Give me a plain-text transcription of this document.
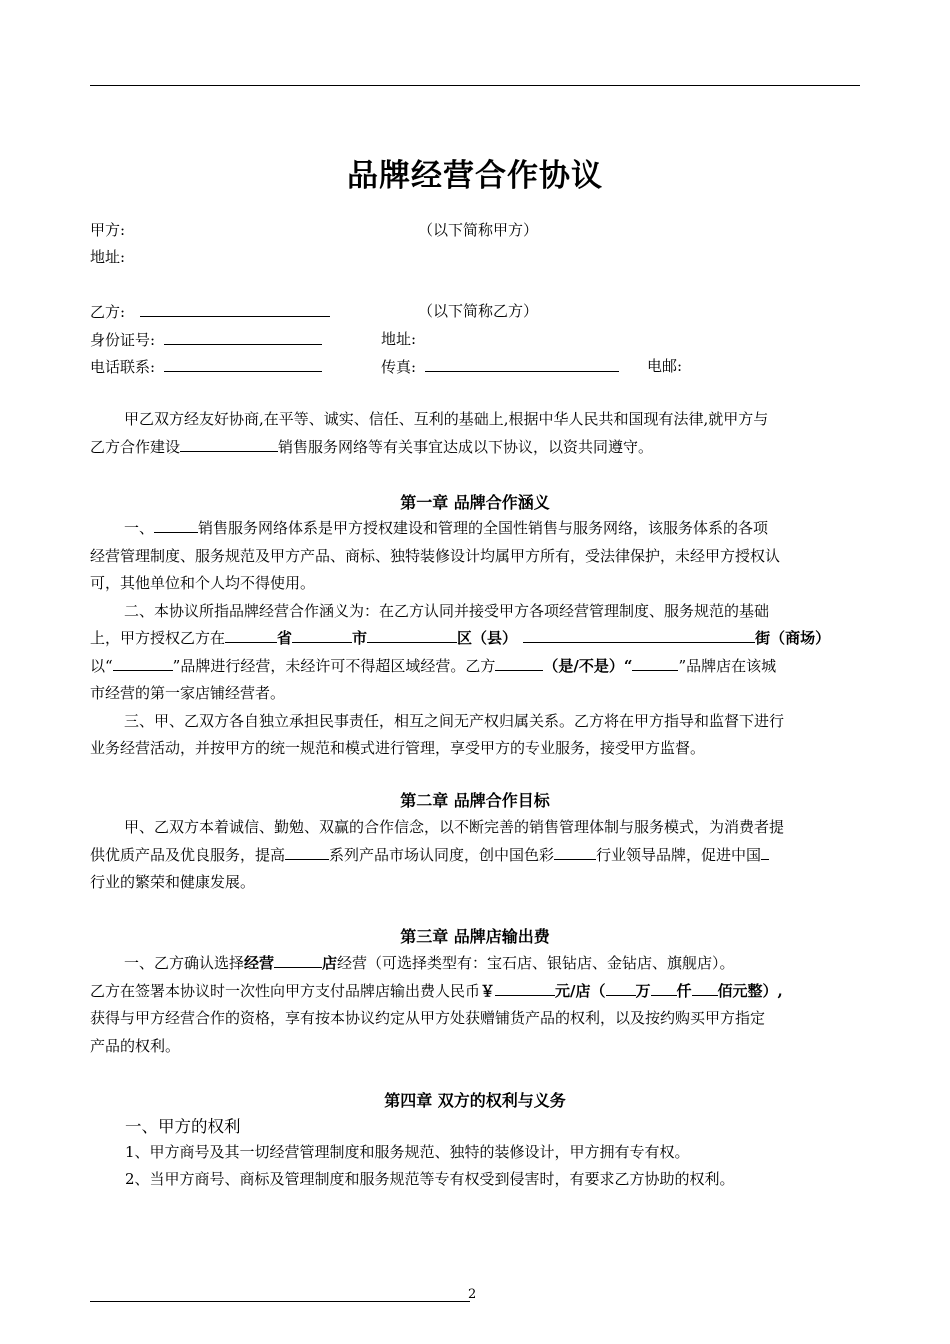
品牌经营合作协议
甲方:	（以下简称甲方）
地址:
乙方:	（以下简称乙方）
身份证号:	地址:
电话联系:	传真:	电邮:
甲乙双方经友好协商,在平等、诚实、信任、互利的基础上,根据中华人民共和国现有法律,就甲方与
乙方合作建设	销售服务网络等有关事宜达成以下协议，以资共同遵守。
第一章 品牌合作涵义
一、	销售服务网络体系是甲方授权建设和管理的全国性销售与服务网络，该服务体系的各项
经营管理制度、服务规范及甲方产品、商标、独特装修设计均属甲方所有，受法律保护，未经甲方授权认
可，其他单位和个人均不得使用。
二、本协议所指品牌经营合作涵义为：在乙方认同并接受甲方各项经营管理制度、服务规范的基础
上，甲方授权乙方在	省	市	区（县）	街（商场）
以“	”品牌进行经营，未经许可不得超区域经营。乙方	（是/不是）“	”品牌店在该城
市经营的第一家店铺经营者。
三、甲、乙双方各自独立承担民事责任，相互之间无产权归属关系。乙方将在甲方指导和监督下进行
业务经营活动，并按甲方的统一规范和模式进行管理，享受甲方的专业服务，接受甲方监督。
第二章 品牌合作目标
甲、乙双方本着诚信、勤勉、双赢的合作信念，以不断完善的销售管理体制与服务模式，为消费者提
供优质产品及优良服务，提高	系列产品市场认同度，创中国色彩	行业领导品牌，促进中国
行业的繁荣和健康发展。
第三章 品牌店输出费
一、乙方确认选择经营	店经营（可选择类型有：宝石店、银钻店、金钻店、旗舰店）。
乙方在签署本协议时一次性向甲方支付品牌店输出费人民币￥	元/店（ 万 仟 佰元整）,
获得与甲方经营合作的资格，享有按本协议约定从甲方处获赠铺货产品的权利，以及按约购买甲方指定
产品的权利。
第四章 双方的权利与义务
一、甲方的权利
1、甲方商号及其一切经营管理制度和服务规范、独特的装修设计，甲方拥有专有权。
2、当甲方商号、商标及管理制度和服务规范等专有权受到侵害时，有要求乙方协助的权利。
2
